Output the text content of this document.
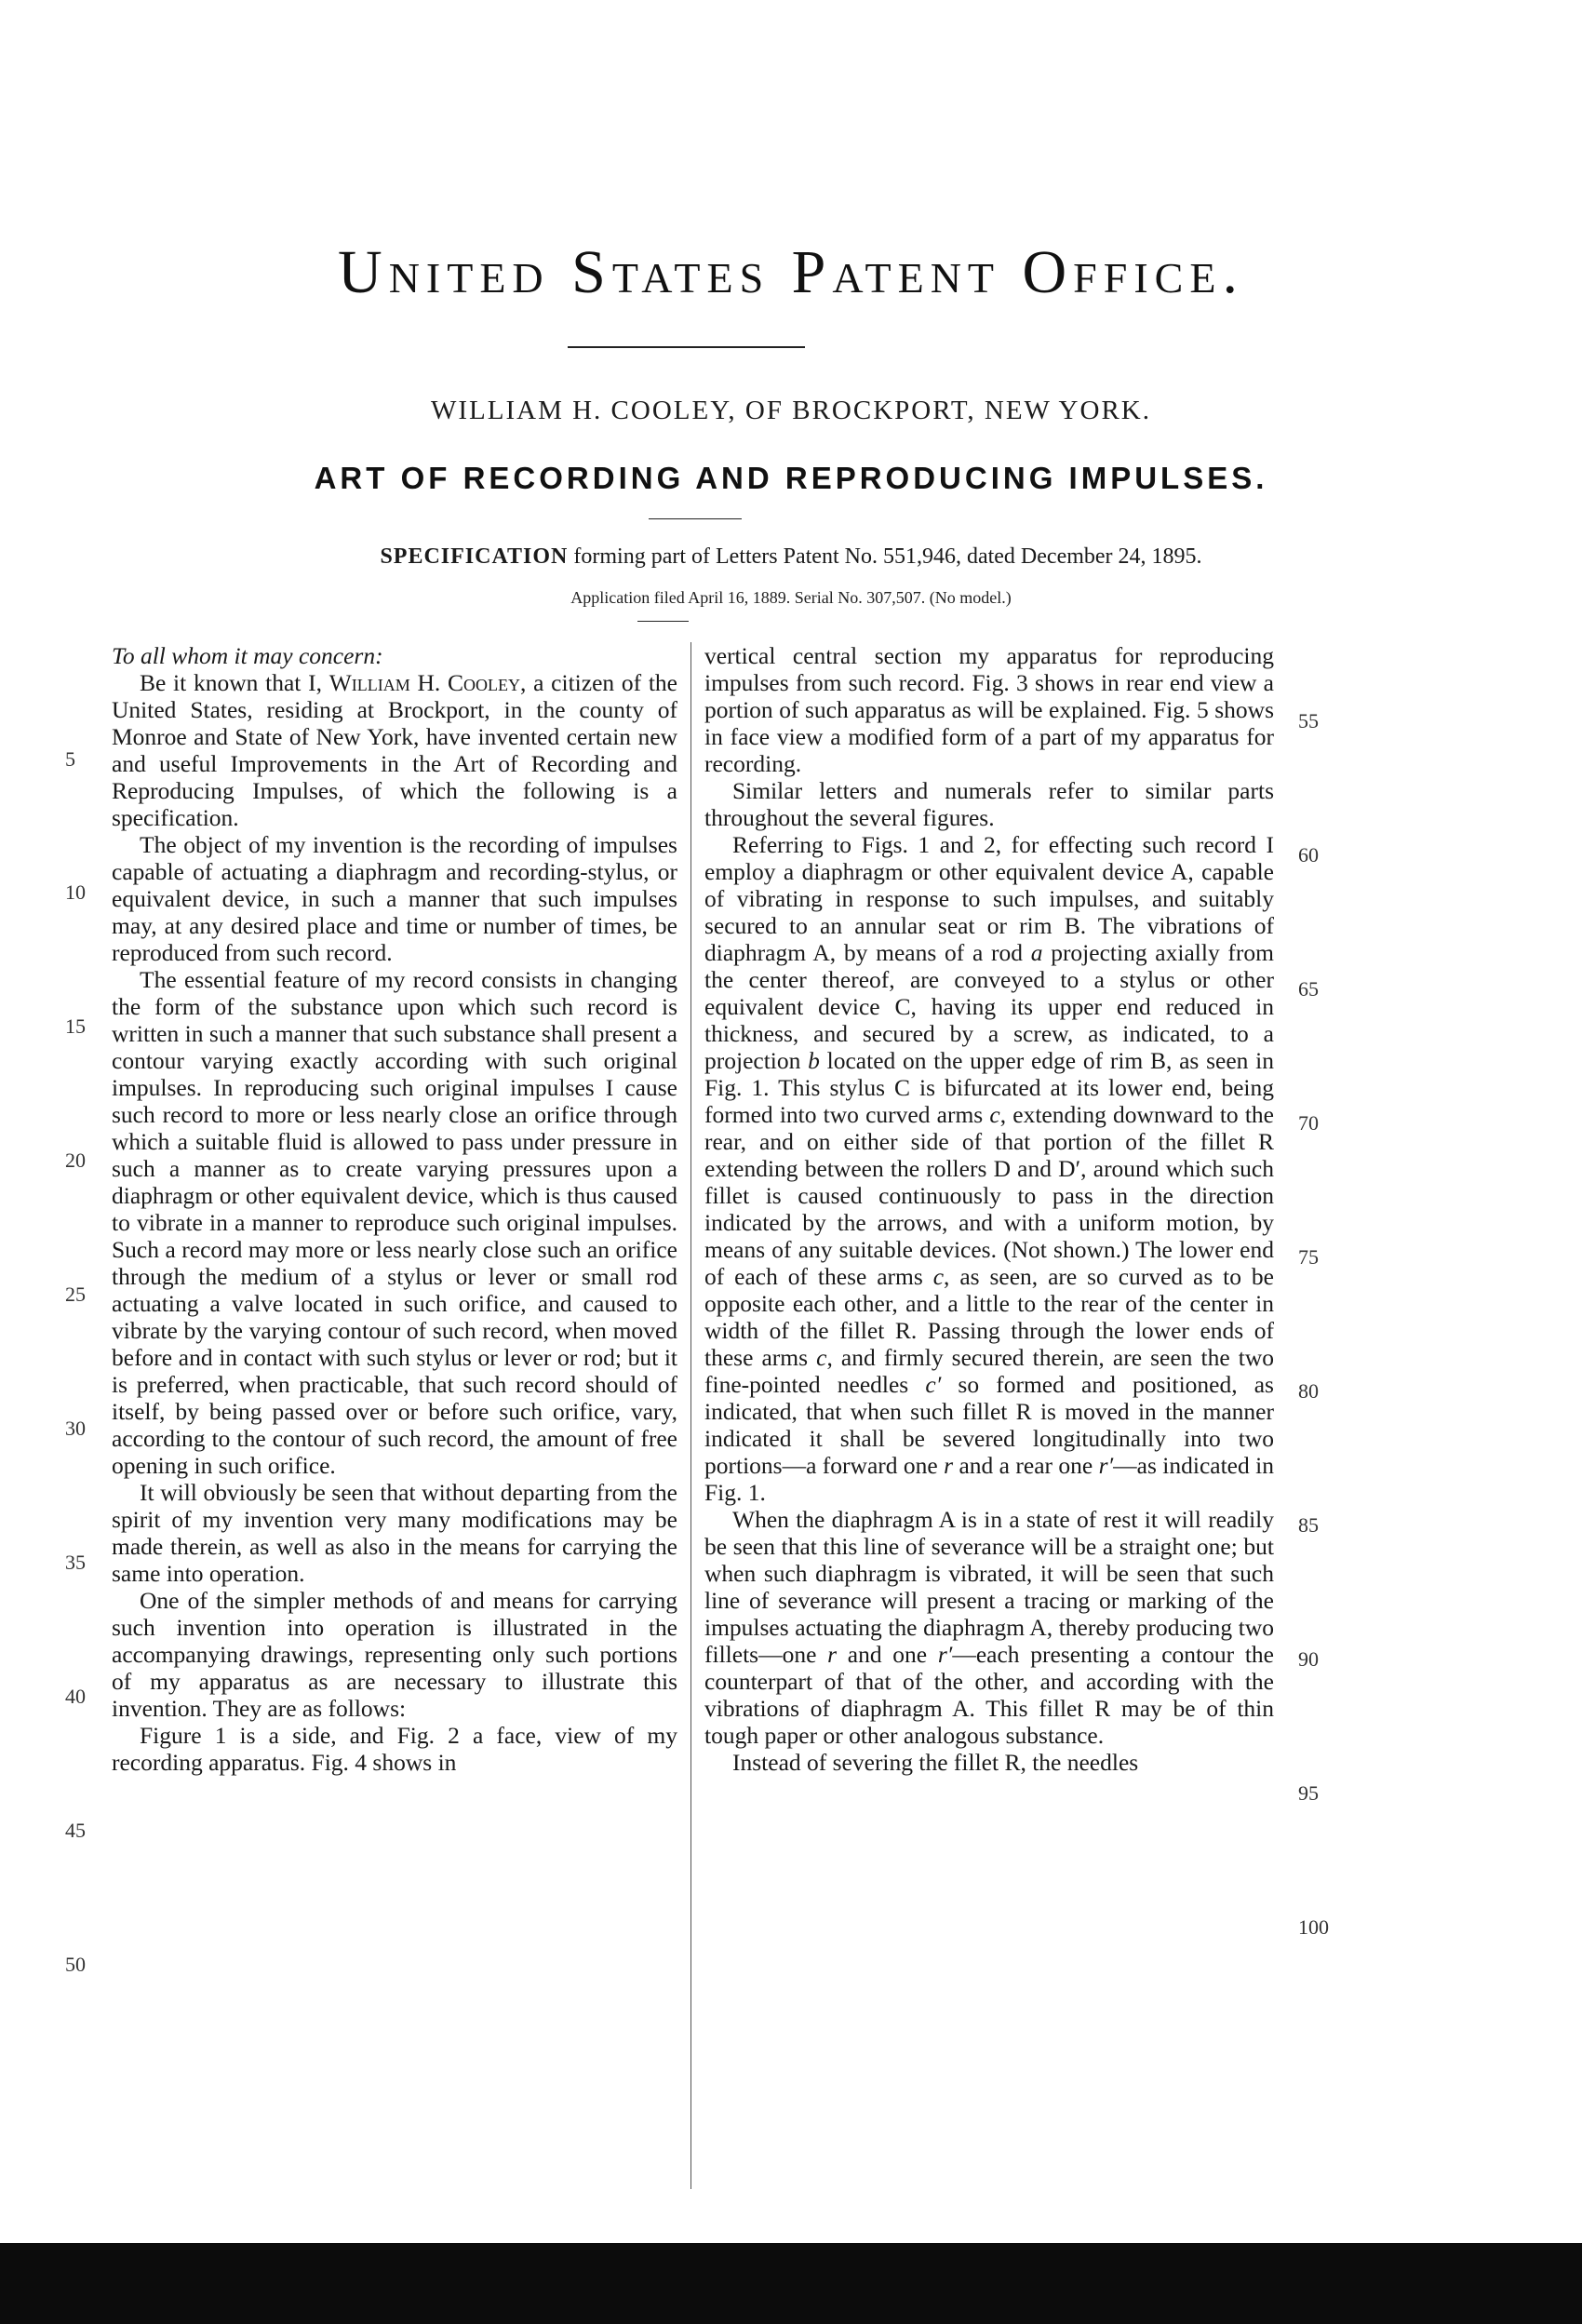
United States Patent Office.
WILLIAM H. COOLEY, OF BROCKPORT, NEW YORK.
ART OF RECORDING AND REPRODUCING IMPULSES.
SPECIFICATION forming part of Letters Patent No. 551,946, dated December 24, 1895.
Application filed April 16, 1889. Serial No. 307,507. (No model.)

To all whom it may concern:

Be it known that I, William H. Cooley, a citizen of the United States, residing at Brockport, in the county of Monroe and State of New York, have invented certain new and useful Improvements in the Art of Recording and Reproducing Impulses, of which the following is a specification.

The object of my invention is the recording of impulses capable of actuating a diaphragm and recording-stylus, or equivalent device, in such a manner that such impulses may, at any desired place and time or number of times, be reproduced from such record.

The essential feature of my record consists in changing the form of the substance upon which such record is written in such a manner that such substance shall present a contour varying exactly according with such original impulses. In reproducing such original impulses I cause such record to more or less nearly close an orifice through which a suitable fluid is allowed to pass under pressure in such a manner as to create varying pressures upon a diaphragm or other equivalent device, which is thus caused to vibrate in a manner to reproduce such original impulses. Such a record may more or less nearly close such an orifice through the medium of a stylus or lever or small rod actuating a valve located in such orifice, and caused to vibrate by the varying contour of such record, when moved before and in contact with such stylus or lever or rod; but it is preferred, when practicable, that such record should of itself, by being passed over or before such orifice, vary, according to the contour of such record, the amount of free opening in such orifice.

It will obviously be seen that without departing from the spirit of my invention very many modifications may be made therein, as well as also in the means for carrying the same into operation.

One of the simpler methods of and means for carrying such invention into operation is illustrated in the accompanying drawings, representing only such portions of my apparatus as are necessary to illustrate this invention. They are as follows:

Figure 1 is a side, and Fig. 2 a face, view of my recording apparatus. Fig. 4 shows in

vertical central section my apparatus for reproducing impulses from such record. Fig. 3 shows in rear end view a portion of such apparatus as will be explained. Fig. 5 shows in face view a modified form of a part of my apparatus for recording.

Similar letters and numerals refer to similar parts throughout the several figures.

Referring to Figs. 1 and 2, for effecting such record I employ a diaphragm or other equivalent device A, capable of vibrating in response to such impulses, and suitably secured to an annular seat or rim B. The vibrations of diaphragm A, by means of a rod a projecting axially from the center thereof, are conveyed to a stylus or other equivalent device C, having its upper end reduced in thickness, and secured by a screw, as indicated, to a projection b located on the upper edge of rim B, as seen in Fig. 1. This stylus C is bifurcated at its lower end, being formed into two curved arms c, extending downward to the rear, and on either side of that portion of the fillet R extending between the rollers D and D′, around which such fillet is caused continuously to pass in the direction indicated by the arrows, and with a uniform motion, by means of any suitable devices. (Not shown.) The lower end of each of these arms c, as seen, are so curved as to be opposite each other, and a little to the rear of the center in width of the fillet R. Passing through the lower ends of these arms c, and firmly secured therein, are seen the two fine-pointed needles c′ so formed and positioned, as indicated, that when such fillet R is moved in the manner indicated it shall be severed longitudinally into two portions—a forward one r and a rear one r′—as indicated in Fig. 1.

When the diaphragm A is in a state of rest it will readily be seen that this line of severance will be a straight one; but when such diaphragm is vibrated, it will be seen that such line of severance will present a tracing or marking of the impulses actuating the diaphragm A, thereby producing two fillets—one r and one r′—each presenting a contour the counterpart of that of the other, and according with the vibrations of diaphragm A. This fillet R may be of thin tough paper or other analogous substance.

Instead of severing the fillet R, the needles

5
10
15
20
25
30
35
40
45
50
55
60
65
70
75
80
85
90
95
100
